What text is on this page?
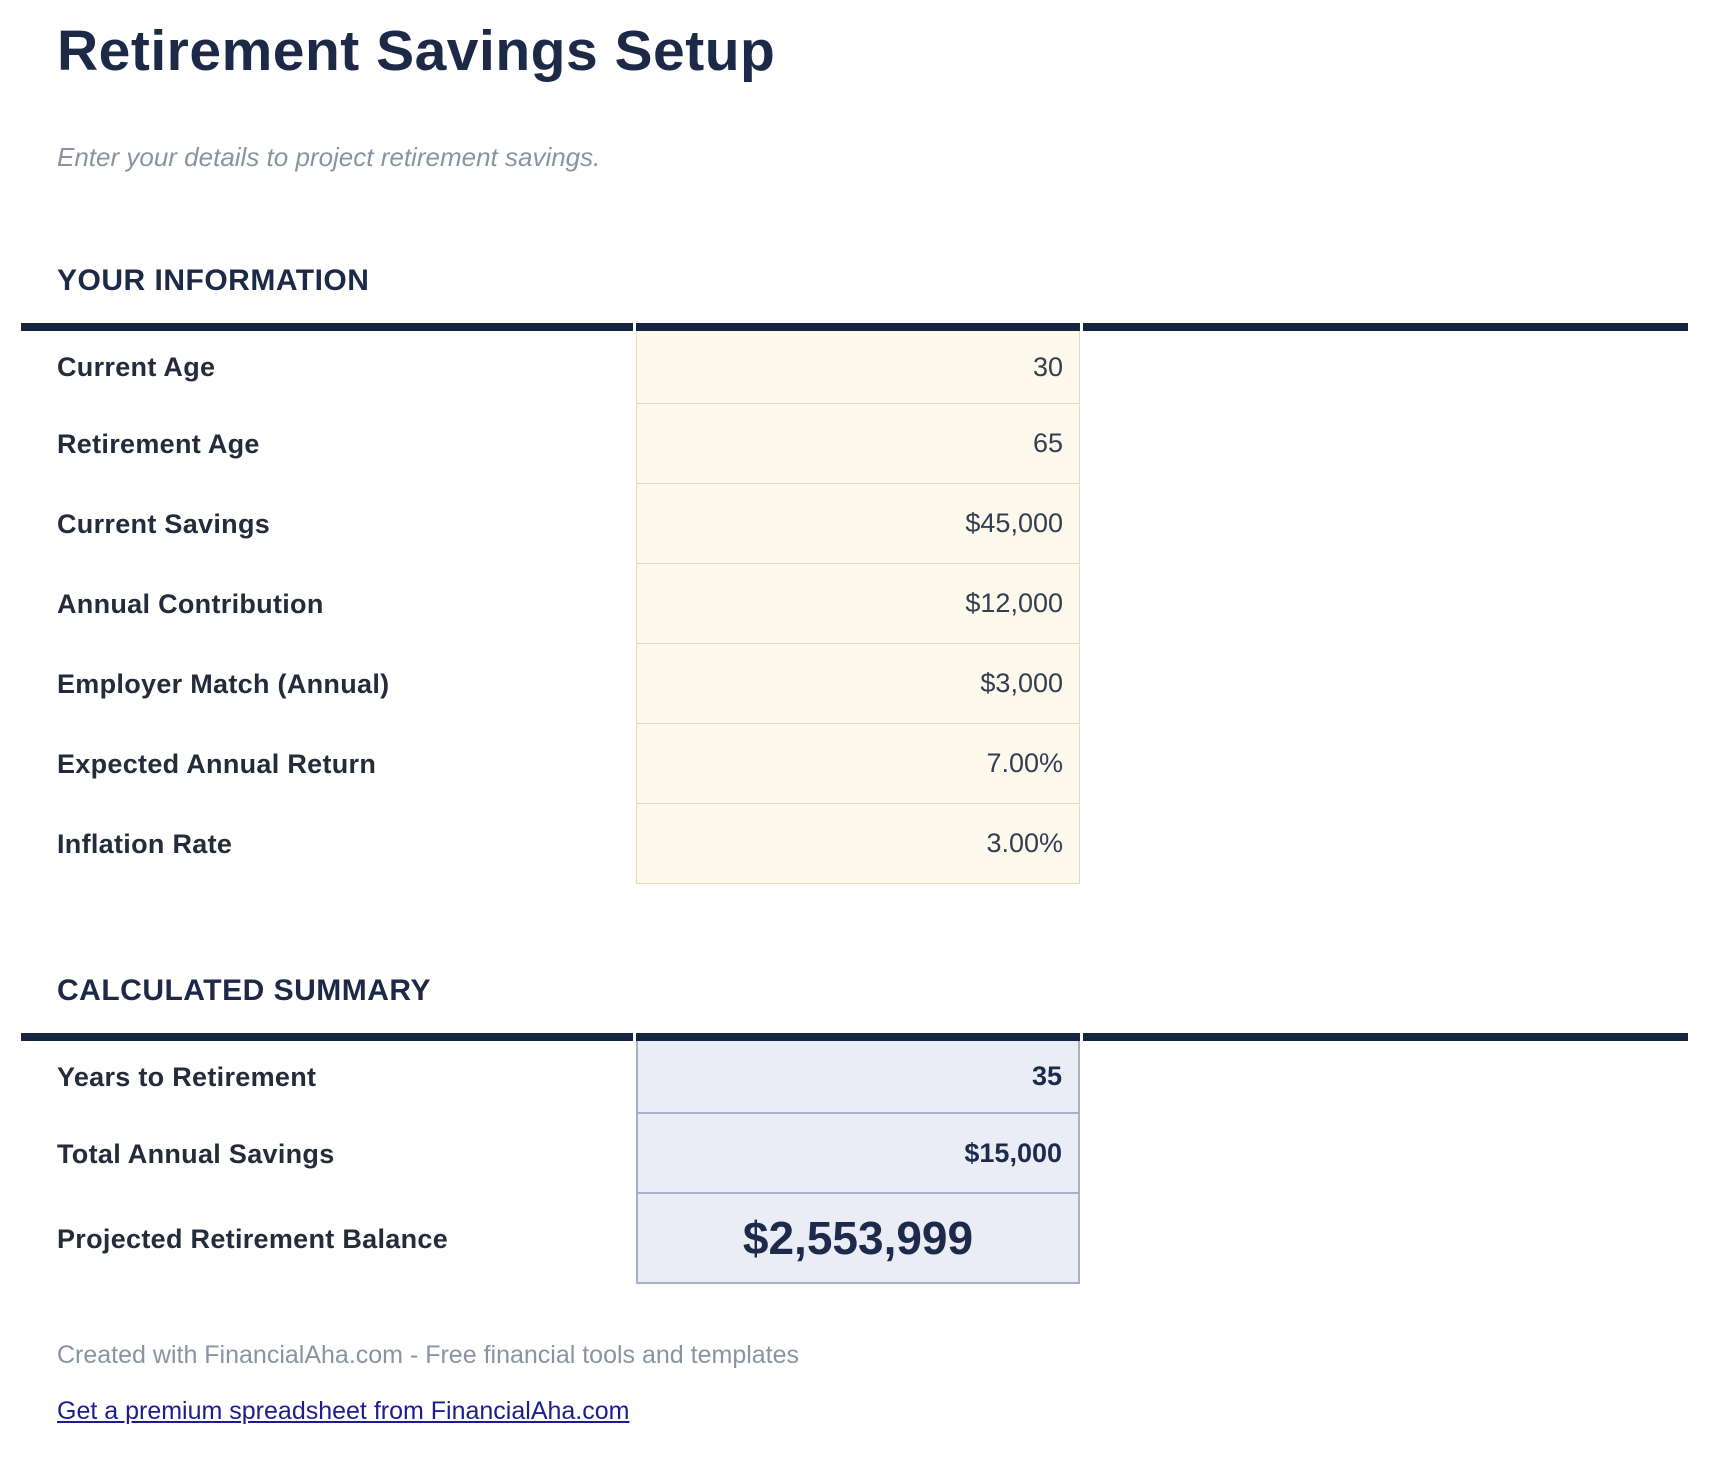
Retirement Savings Setup

Enter your details to project retirement savings.

YOUR INFORMATION
Current Age	30
Retirement Age	65
Current Savings	$45,000
Annual Contribution	$12,000
Employer Match (Annual)	$3,000
Expected Annual Return	7.00%
Inflation Rate	3.00%
CALCULATED SUMMARY
Years to Retirement	35
Total Annual Savings	$15,000
Projected Retirement Balance	$2,553,999

Created with FinancialAha.com - Free financial tools and templates

Get a premium spreadsheet from FinancialAha.com
